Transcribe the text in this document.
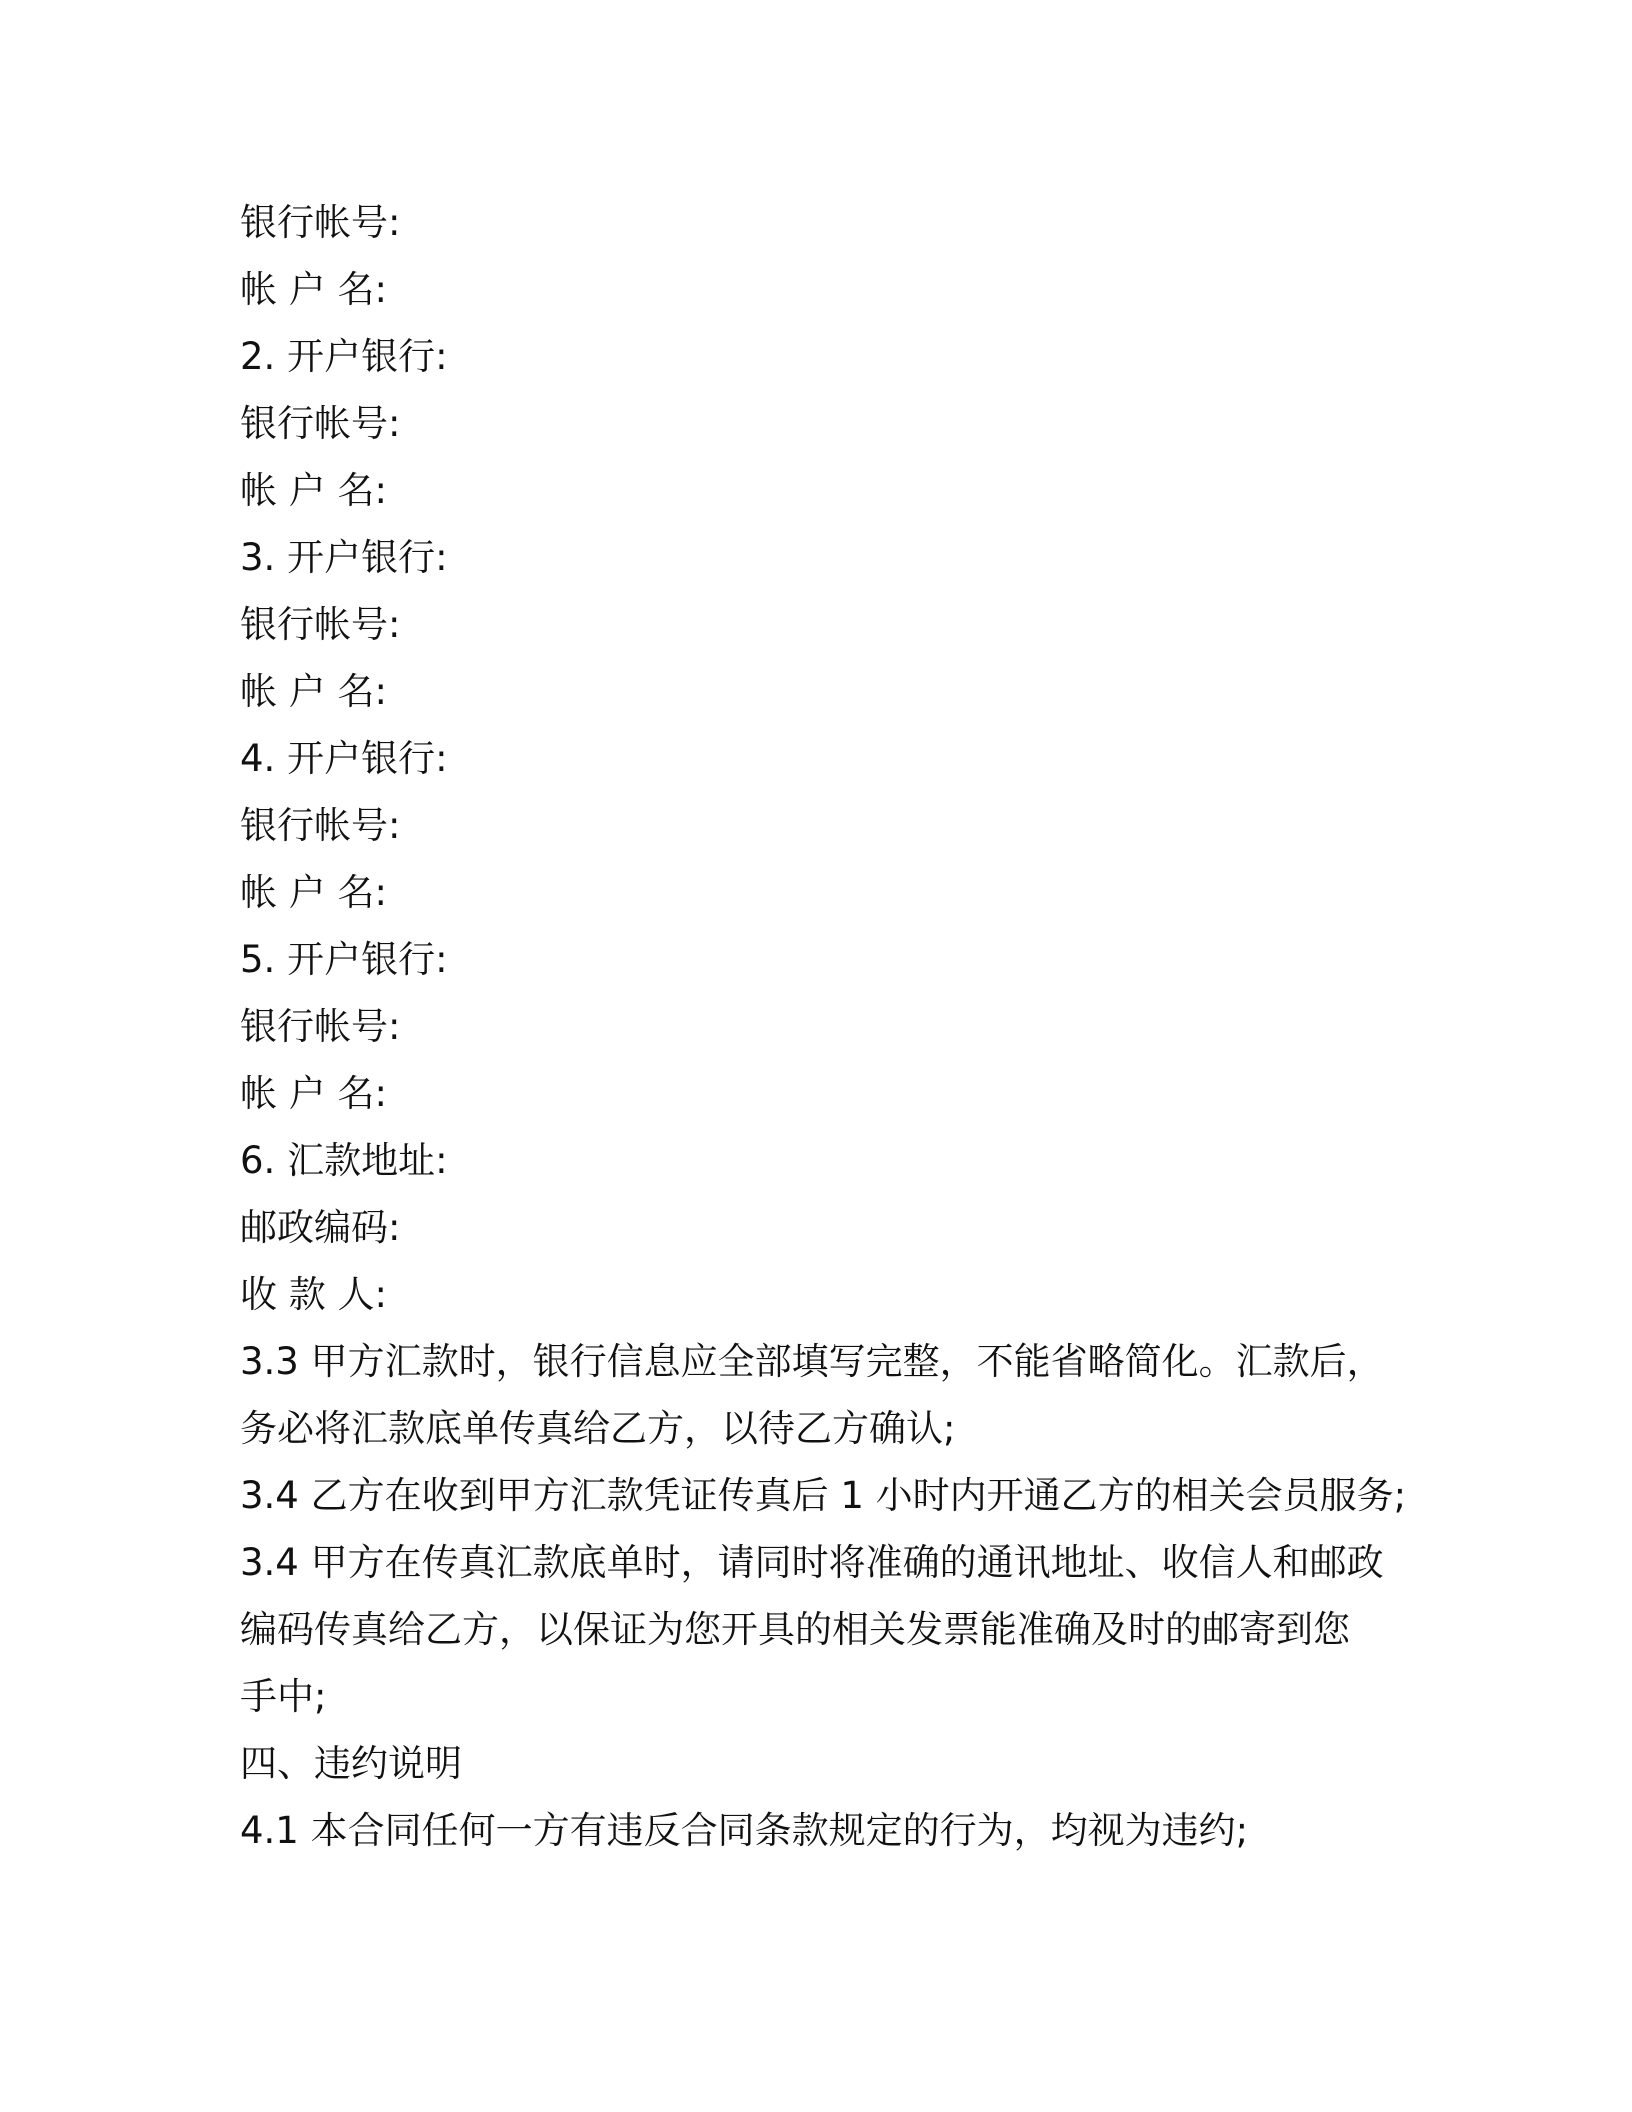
银行帐号:
帐 户 名:
2. 开户银行:
银行帐号:
帐 户 名:
3. 开户银行:
银行帐号:
帐 户 名:
4. 开户银行:
银行帐号:
帐 户 名:
5. 开户银行:
银行帐号:
帐 户 名:
6. 汇款地址:
邮政编码:
收 款 人:
3.3 甲方汇款时，银行信息应全部填写完整，不能省略简化。汇款后，
务必将汇款底单传真给乙方，以待乙方确认;
3.4 乙方在收到甲方汇款凭证传真后 1 小时内开通乙方的相关会员服务;
3.4 甲方在传真汇款底单时，请同时将准确的通讯地址、收信人和邮政
编码传真给乙方，以保证为您开具的相关发票能准确及时的邮寄到您
手中;
四、违约说明
4.1 本合同任何一方有违反合同条款规定的行为，均视为违约;
